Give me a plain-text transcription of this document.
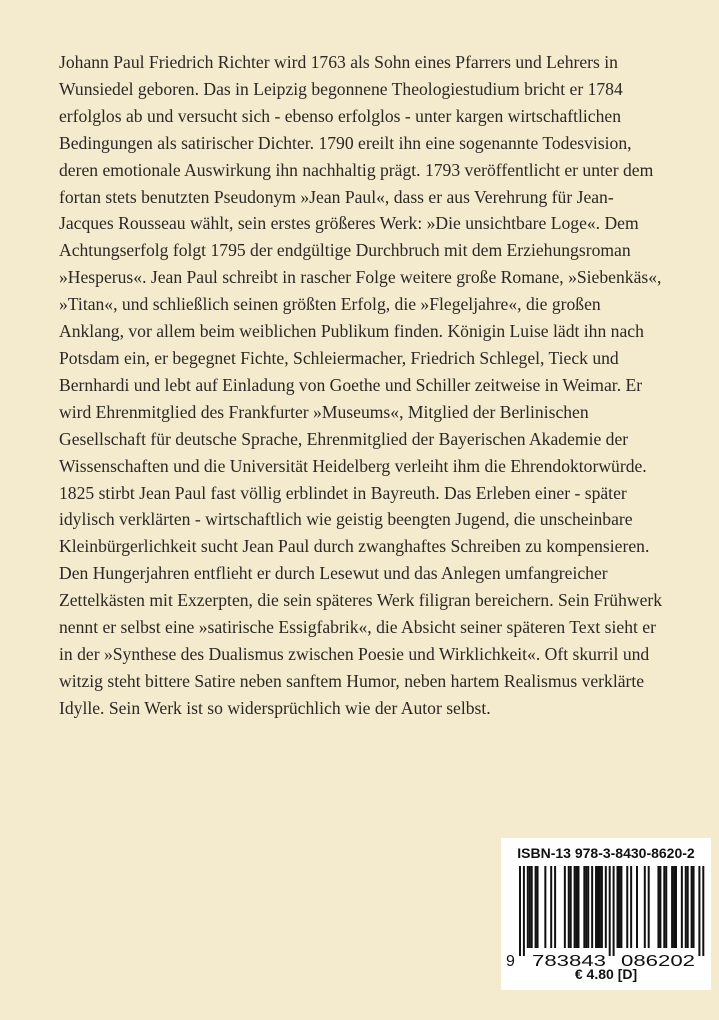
Johann Paul Friedrich Richter wird 1763 als Sohn eines Pfarrers und Lehrers in Wunsiedel geboren. Das in Leipzig begonnene Theologiestudium bricht er 1784 erfolglos ab und versucht sich - ebenso erfolglos - unter kargen wirtschaftlichen Bedingungen als satirischer Dichter. 1790 ereilt ihn eine sogenannte Todesvision, deren emotionale Auswirkung ihn nachhaltig prägt. 1793 veröffentlicht er unter dem fortan stets benutzten Pseudonym »Jean Paul«, dass er aus Verehrung für Jean-Jacques Rousseau wählt, sein erstes größeres Werk: »Die unsichtbare Loge«. Dem Achtungserfolg folgt 1795 der endgültige Durchbruch mit dem Erziehungsroman »Hesperus«. Jean Paul schreibt in rascher Folge weitere große Romane, »Siebenkäs«, »Titan«, und schließlich seinen größten Erfolg, die »Flegeljahre«, die großen Anklang, vor allem beim weiblichen Publikum finden. Königin Luise lädt ihn nach Potsdam ein, er begegnet Fichte, Schleiermacher, Friedrich Schlegel, Tieck und Bernhardi und lebt auf Einladung von Goethe und Schiller zeitweise in Weimar. Er wird Ehrenmitglied des Frankfurter »Museums«, Mitglied der Berlinischen Gesellschaft für deutsche Sprache, Ehrenmitglied der Bayerischen Akademie der Wissenschaften und die Universität Heidelberg verleiht ihm die Ehrendoktorwürde. 1825 stirbt Jean Paul fast völlig erblindet in Bayreuth. Das Erleben einer - später idylisch verklärten - wirtschaftlich wie geistig beengten Jugend, die unscheinbare Kleinbürgerlichkeit sucht Jean Paul durch zwanghaftes Schreiben zu kompensieren. Den Hungerjahren entflieht er durch Lesewut und das Anlegen umfangreicher Zettelkästen mit Exzerpten, die sein späteres Werk filigran bereichern. Sein Frühwerk nennt er selbst eine »satirische Essigfabrik«, die Absicht seiner späteren Text sieht er in der »Synthese des Dualismus zwischen Poesie und Wirklichkeit«. Oft skurril und witzig steht bittere Satire neben sanftem Humor, neben hartem Realismus verklärte Idylle. Sein Werk ist so widersprüchlich wie der Autor selbst.

ISBN-13 978-3-8430-8620-2
9 783843 086202
€ 4.80 [D]
